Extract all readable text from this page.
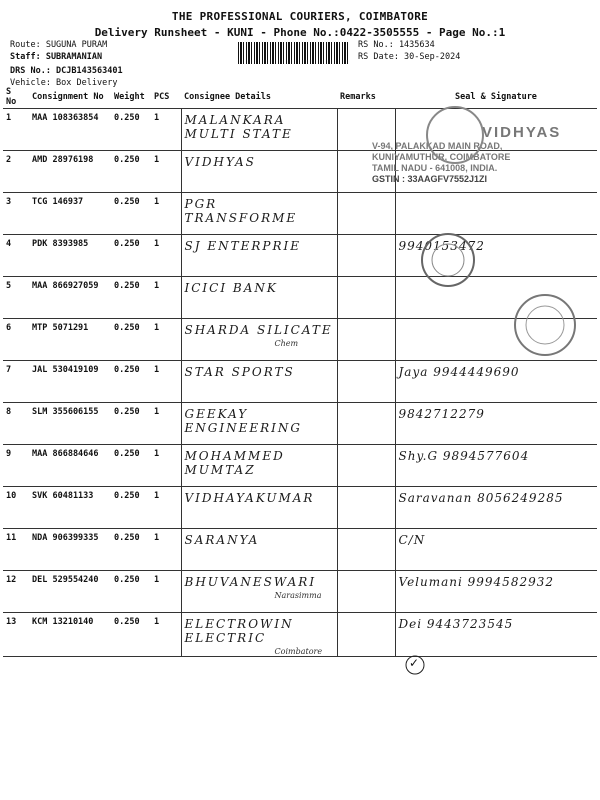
THE PROFESSIONAL COURIERS, COIMBATORE
Delivery Runsheet - KUNI - Phone No.:0422-3505555 - Page No.:1
Route: SUGUNA PURAM
Staff: SUBRAMANIAN
DRS No.: DCJB143563401
Vehicle: Box Delivery
RS No.: 1435634
RS Date: 30-Sep-2024
S No	Consignment No	Weight	PCS	Consignee Details	Remarks	Seal & Signature
1	MAA 108363854	0.250	1	MALANKARA MULTI STATE

2	AMD 28976198	0.250	1	VIDHYAS

3	TCG 146937	0.250	1	PGR TRANSFORME

4	PDK 8393985	0.250	1	SJ ENTERPRIE		9940153472
5	MAA 866927059	0.250	1	ICICI BANK

6	MTP 5071291	0.250	1	SHARDA SILICATE
Chem		

7	JAL 530419109	0.250	1	STAR SPORTS		Jaya 9944449690
8	SLM 355606155	0.250	1	GEEKAY ENGINEERING		9842712279
9	MAA 866884646	0.250	1	MOHAMMED MUMTAZ		Shy.G 9894577604
10	SVK 60481133	0.250	1	VIDHAYAKUMAR		Saravanan 8056249285
11	NDA 906399335	0.250	1	SARANYA		C/N
12	DEL 529554240	0.250	1	BHUVANESWARI
Narasimma		Velumani 9994582932
13	KCM 13210140	0.250	1	ELECTROWIN ELECTRIC
Coimbatore		Dei 9443723545
VIDHYAS
V-94, PALAKKAD MAIN ROAD,
KUNIYAMUTHUR, COIMBATORE
TAMIL NADU - 641008, INDIA.
GSTIN : 33AAGFV7552J1ZI
✓
